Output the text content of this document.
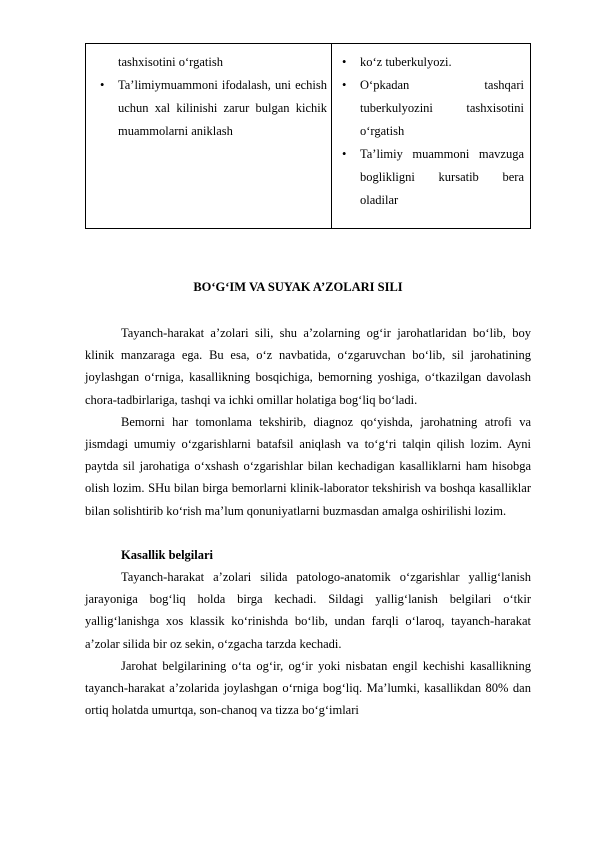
tashxisotini o‘rgatish
• Ta’limiymuammoni ifodalash, uni echish uchun xal kilinishi zarur bulgan kichik muammolarni aniklash
• ko‘z tuberkulyozi.
• O‘pkadan tashqari tuberkulyozini tashxisotini o‘rgatish
• Ta’limiy muammoni mavzuga boglikligni kursatib bera oladilar
BO‘G‘IM VA SUYAK A’ZOLARI SILI

Tayanch-harakat a’zolari sili, shu a’zolarning og‘ir jarohatlaridan bo‘lib, boy klinik manzaraga ega. Bu esa, o‘z navbatida, o‘zgaruvchan bo‘lib, sil jarohatining joylashgan o‘rniga, kasallikning bosqichiga, bemorning yoshiga, o‘tkazilgan davolash chora-tadbirlariga, tashqi va ichki omillar holatiga bog‘liq bo‘ladi.

Bemorni har tomonlama tekshirib, diagnoz qo‘yishda, jarohatning atrofi va jismdagi umumiy o‘zgarishlarni batafsil aniqlash va to‘g‘ri talqin qilish lozim. Ayni paytda sil jarohatiga o‘xshash o‘zgarishlar bilan kechadigan kasalliklarni ham hisobga olish lozim. SHu bilan birga bemorlarni klinik-laborator tekshirish va boshqa kasalliklar bilan solishtirib ko‘rish ma’lum qonuniyatlarni buzmasdan amalga oshirilishi lozim.

Kasallik belgilari

Tayanch-harakat a’zolari silida patologo-anatomik o‘zgarishlar yallig‘lanish jarayoniga bog‘liq holda birga kechadi. Sildagi yallig‘lanish belgilari o‘tkir yallig‘lanishga xos klassik ko‘rinishda bo‘lib, undan farqli o‘laroq, tayanch-harakat a’zolar silida bir oz sekin, o‘zgacha tarzda kechadi.

Jarohat belgilarining o‘ta og‘ir, og‘ir yoki nisbatan engil kechishi kasallikning tayanch-harakat a’zolarida joylashgan o‘rniga bog‘liq. Ma’lumki, kasallikdan 80% dan ortiq holatda umurtqa, son-chanoq va tizza bo‘g‘imlari
